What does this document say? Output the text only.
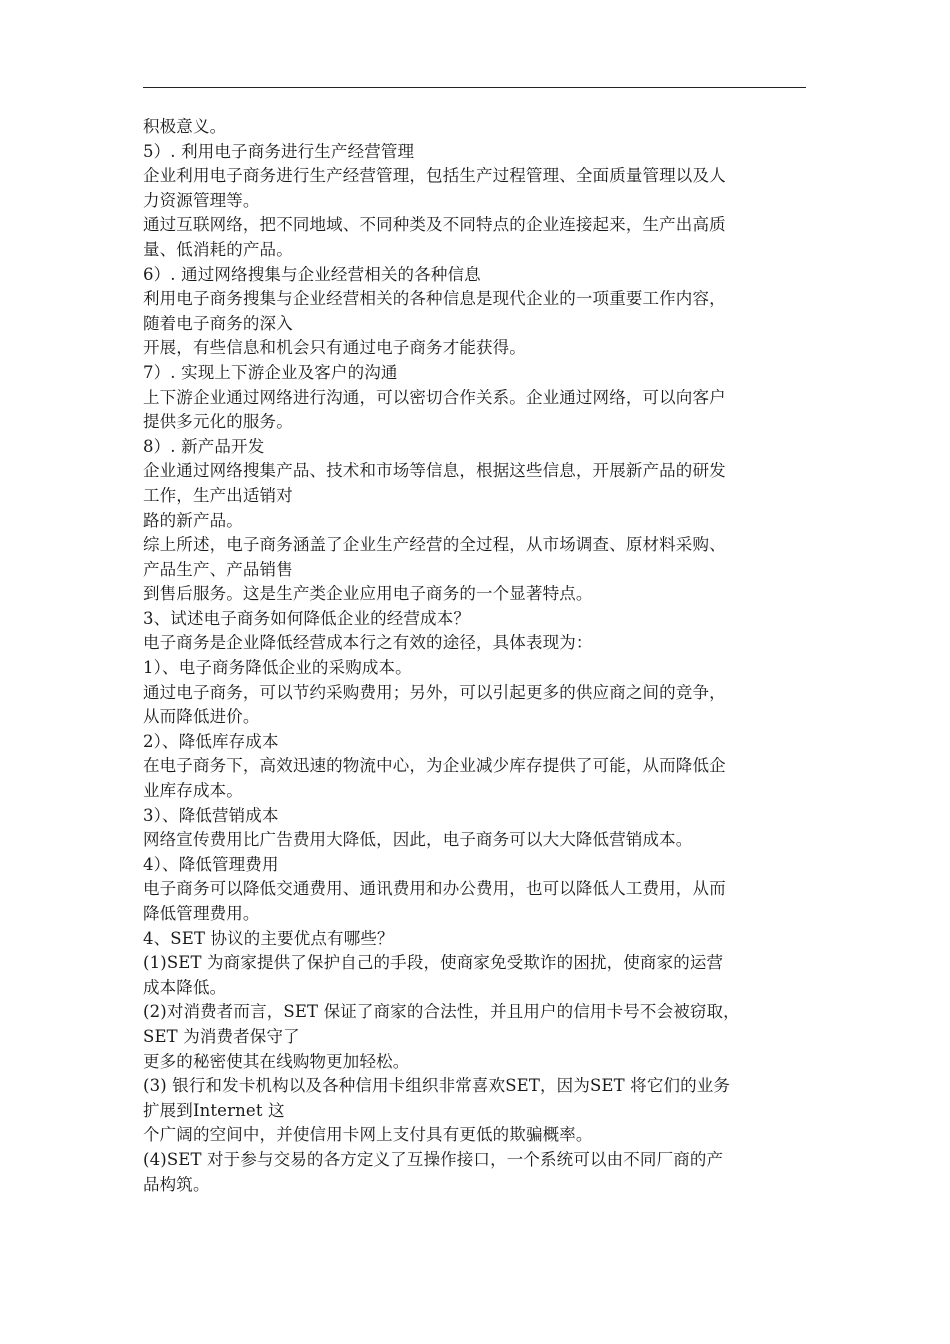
积极意义。
5）. 利用电子商务进行生产经营管理
企业利用电子商务进行生产经营管理，包括生产过程管理、全面质量管理以及人
力资源管理等。
通过互联网络，把不同地域、不同种类及不同特点的企业连接起来，生产出高质
量、低消耗的产品。
6）. 通过网络搜集与企业经营相关的各种信息
利用电子商务搜集与企业经营相关的各种信息是现代企业的一项重要工作内容，
随着电子商务的深入
开展，有些信息和机会只有通过电子商务才能获得。
7）. 实现上下游企业及客户的沟通
上下游企业通过网络进行沟通，可以密切合作关系。企业通过网络，可以向客户
提供多元化的服务。
8）. 新产品开发
企业通过网络搜集产品、技术和市场等信息，根据这些信息，开展新产品的研发
工作，生产出适销对
路的新产品。
综上所述，电子商务涵盖了企业生产经营的全过程，从市场调查、原材料采购、
产品生产、产品销售
到售后服务。这是生产类企业应用电子商务的一个显著特点。
3、试述电子商务如何降低企业的经营成本？
电子商务是企业降低经营成本行之有效的途径，具体表现为：
1）、电子商务降低企业的采购成本。
通过电子商务，可以节约采购费用；另外，可以引起更多的供应商之间的竞争，
从而降低进价。
2）、降低库存成本
在电子商务下，高效迅速的物流中心，为企业减少库存提供了可能，从而降低企
业库存成本。
3）、降低营销成本
网络宣传费用比广告费用大降低，因此，电子商务可以大大降低营销成本。
4）、降低管理费用
电子商务可以降低交通费用、通讯费用和办公费用，也可以降低人工费用，从而
降低管理费用。
4、SET 协议的主要优点有哪些？
(1)SET 为商家提供了保护自己的手段，使商家免受欺诈的困扰，使商家的运营
成本降低。
(2)对消费者而言，SET 保证了商家的合法性，并且用户的信用卡号不会被窃取，
SET 为消费者保守了
更多的秘密使其在线购物更加轻松。
(3) 银行和发卡机构以及各种信用卡组织非常喜欢SET，因为SET 将它们的业务
扩展到Internet 这
个广阔的空间中，并使信用卡网上支付具有更低的欺骗概率。
(4)SET 对于参与交易的各方定义了互操作接口，一个系统可以由不同厂商的产
品构筑。
